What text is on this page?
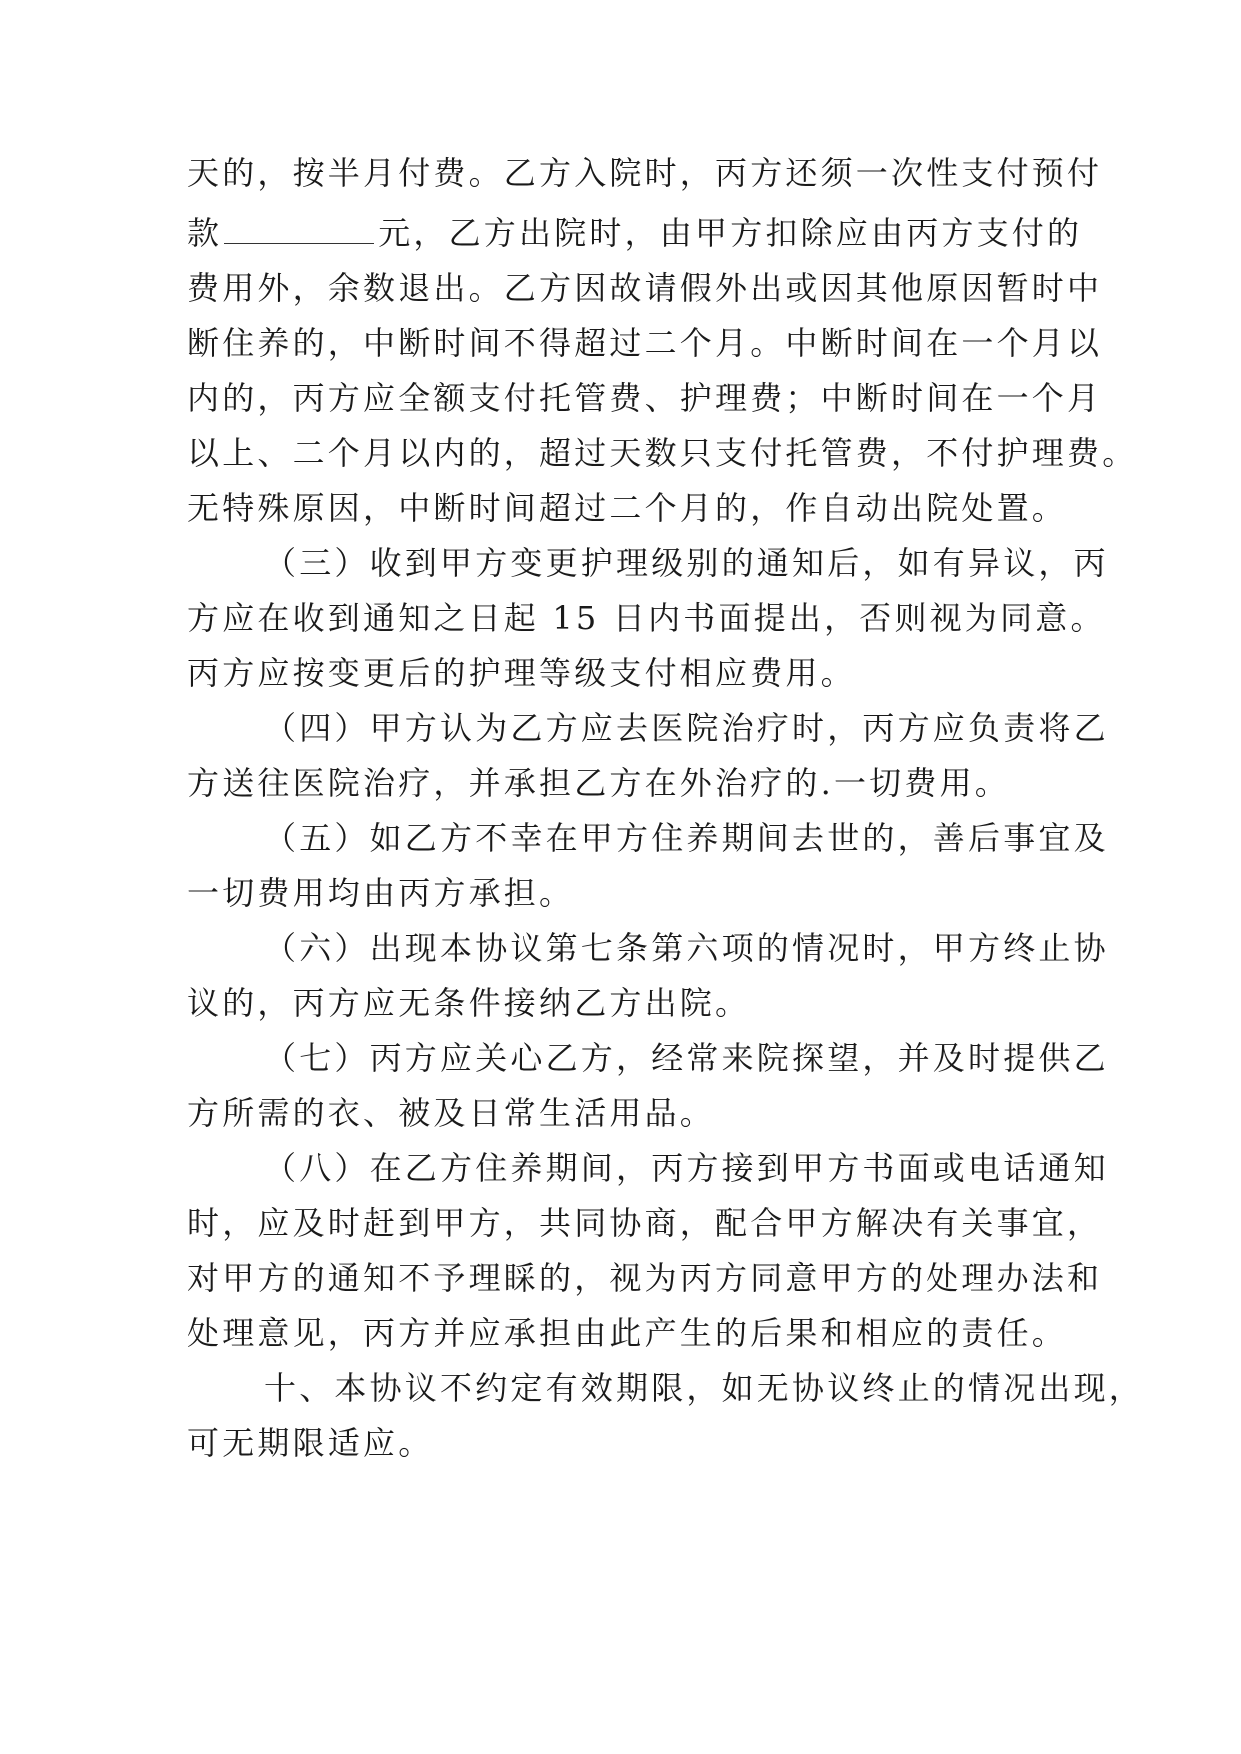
天的，按半月付费。乙方入院时，丙方还须一次性支付预付
款	元，乙方出院时，由甲方扣除应由丙方支付的
费用外，余数退出。乙方因故请假外出或因其他原因暂时中
断住养的，中断时间不得超过二个月。中断时间在一个月以
内的，丙方应全额支付托管费、护理费；中断时间在一个月
以上、二个月以内的，超过天数只支付托管费，不付护理费。
无特殊原因，中断时间超过二个月的，作自动出院处置。
（三）收到甲方变更护理级别的通知后，如有异议，丙
方应在收到通知之日起 15 日内书面提出，否则视为同意。
丙方应按变更后的护理等级支付相应费用。
（四）甲方认为乙方应去医院治疗时，丙方应负责将乙
方送往医院治疗，并承担乙方在外治疗的.一切费用。
（五）如乙方不幸在甲方住养期间去世的，善后事宜及
一切费用均由丙方承担。
（六）出现本协议第七条第六项的情况时，甲方终止协
议的，丙方应无条件接纳乙方出院。
（七）丙方应关心乙方，经常来院探望，并及时提供乙
方所需的衣、被及日常生活用品。
（八）在乙方住养期间，丙方接到甲方书面或电话通知
时，应及时赶到甲方，共同协商，配合甲方解决有关事宜，
对甲方的通知不予理睬的，视为丙方同意甲方的处理办法和
处理意见，丙方并应承担由此产生的后果和相应的责任。
十、本协议不约定有效期限，如无协议终止的情况出现，
可无期限适应。
